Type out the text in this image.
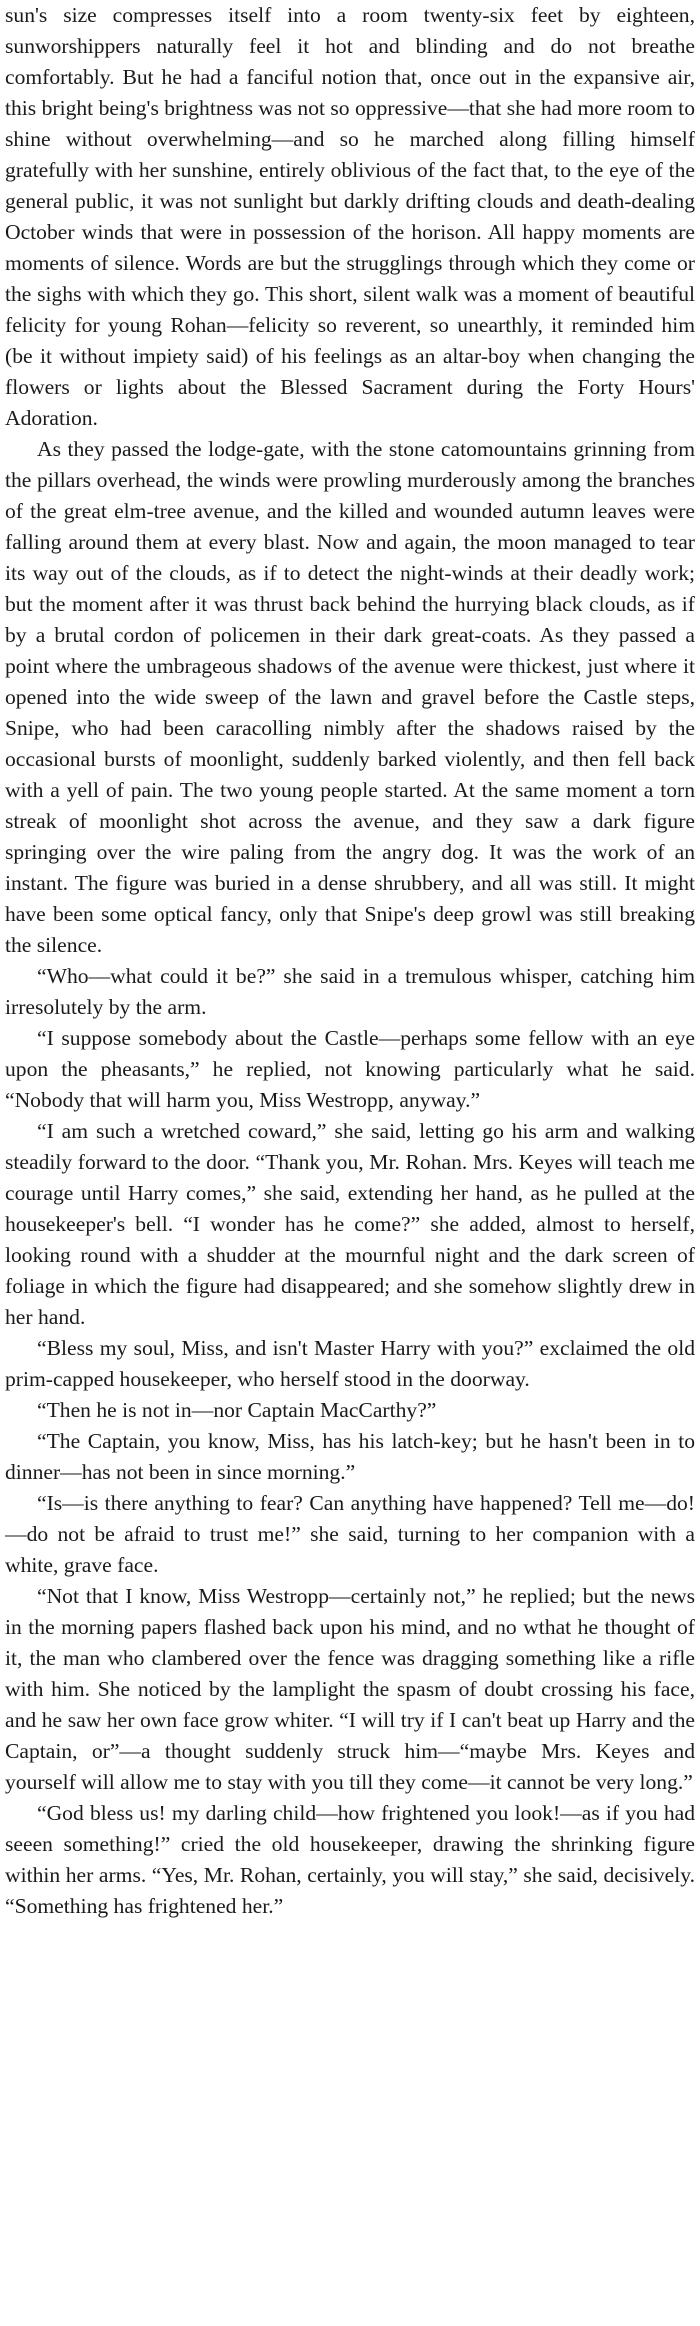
sun's size compresses itself into a room twenty-six feet by eighteen, sunworshippers naturally feel it hot and blinding and do not breathe comfortably. But he had a fanciful notion that, once out in the expansive air, this bright being's brightness was not so oppressive—that she had more room to shine without overwhelming—and so he marched along filling himself gratefully with her sunshine, entirely oblivious of the fact that, to the eye of the general public, it was not sunlight but darkly drifting clouds and death-dealing October winds that were in possession of the horison. All happy moments are moments of silence. Words are but the strugglings through which they come or the sighs with which they go. This short, silent walk was a moment of beautiful felicity for young Rohan—felicity so reverent, so unearthly, it reminded him (be it without impiety said) of his feelings as an altar-boy when changing the flowers or lights about the Blessed Sacrament during the Forty Hours' Adoration.

As they passed the lodge-gate, with the stone catomountains grinning from the pillars overhead, the winds were prowling murderously among the branches of the great elm-tree avenue, and the killed and wounded autumn leaves were falling around them at every blast. Now and again, the moon managed to tear its way out of the clouds, as if to detect the night-winds at their deadly work; but the moment after it was thrust back behind the hurrying black clouds, as if by a brutal cordon of policemen in their dark great-coats. As they passed a point where the umbrageous shadows of the avenue were thickest, just where it opened into the wide sweep of the lawn and gravel before the Castle steps, Snipe, who had been caracolling nimbly after the shadows raised by the occasional bursts of moonlight, suddenly barked violently, and then fell back with a yell of pain. The two young people started. At the same moment a torn streak of moonlight shot across the avenue, and they saw a dark figure springing over the wire paling from the angry dog. It was the work of an instant. The figure was buried in a dense shrubbery, and all was still. It might have been some optical fancy, only that Snipe's deep growl was still breaking the silence.

“Who—what could it be?” she said in a tremulous whisper, catching him irresolutely by the arm.

“I suppose somebody about the Castle—perhaps some fellow with an eye upon the pheasants,” he replied, not knowing particularly what he said. “Nobody that will harm you, Miss Westropp, anyway.”

“I am such a wretched coward,” she said, letting go his arm and walking steadily forward to the door. “Thank you, Mr. Rohan. Mrs. Keyes will teach me courage until Harry comes,” she said, extending her hand, as he pulled at the housekeeper's bell. “I wonder has he come?” she added, almost to herself, looking round with a shudder at the mournful night and the dark screen of foliage in which the figure had disappeared; and she somehow slightly drew in her hand.

“Bless my soul, Miss, and isn't Master Harry with you?” exclaimed the old prim-capped housekeeper, who herself stood in the doorway.

“Then he is not in—nor Captain MacCarthy?”

“The Captain, you know, Miss, has his latch-key; but he hasn't been in to dinner—has not been in since morning.”

“Is—is there anything to fear? Can anything have happened? Tell me—do!—do not be afraid to trust me!” she said, turning to her companion with a white, grave face.

“Not that I know, Miss Westropp—certainly not,” he replied; but the news in the morning papers flashed back upon his mind, and no wthat he thought of it, the man who clambered over the fence was dragging something like a rifle with him. She noticed by the lamplight the spasm of doubt crossing his face, and he saw her own face grow whiter. “I will try if I can't beat up Harry and the Captain, or”—a thought suddenly struck him—“maybe Mrs. Keyes and yourself will allow me to stay with you till they come—it cannot be very long.”

“God bless us! my darling child—how frightened you look!—as if you had seeen something!” cried the old housekeeper, drawing the shrinking figure within her arms. “Yes, Mr. Rohan, certainly, you will stay,” she said, decisively. “Something has frightened her.”
